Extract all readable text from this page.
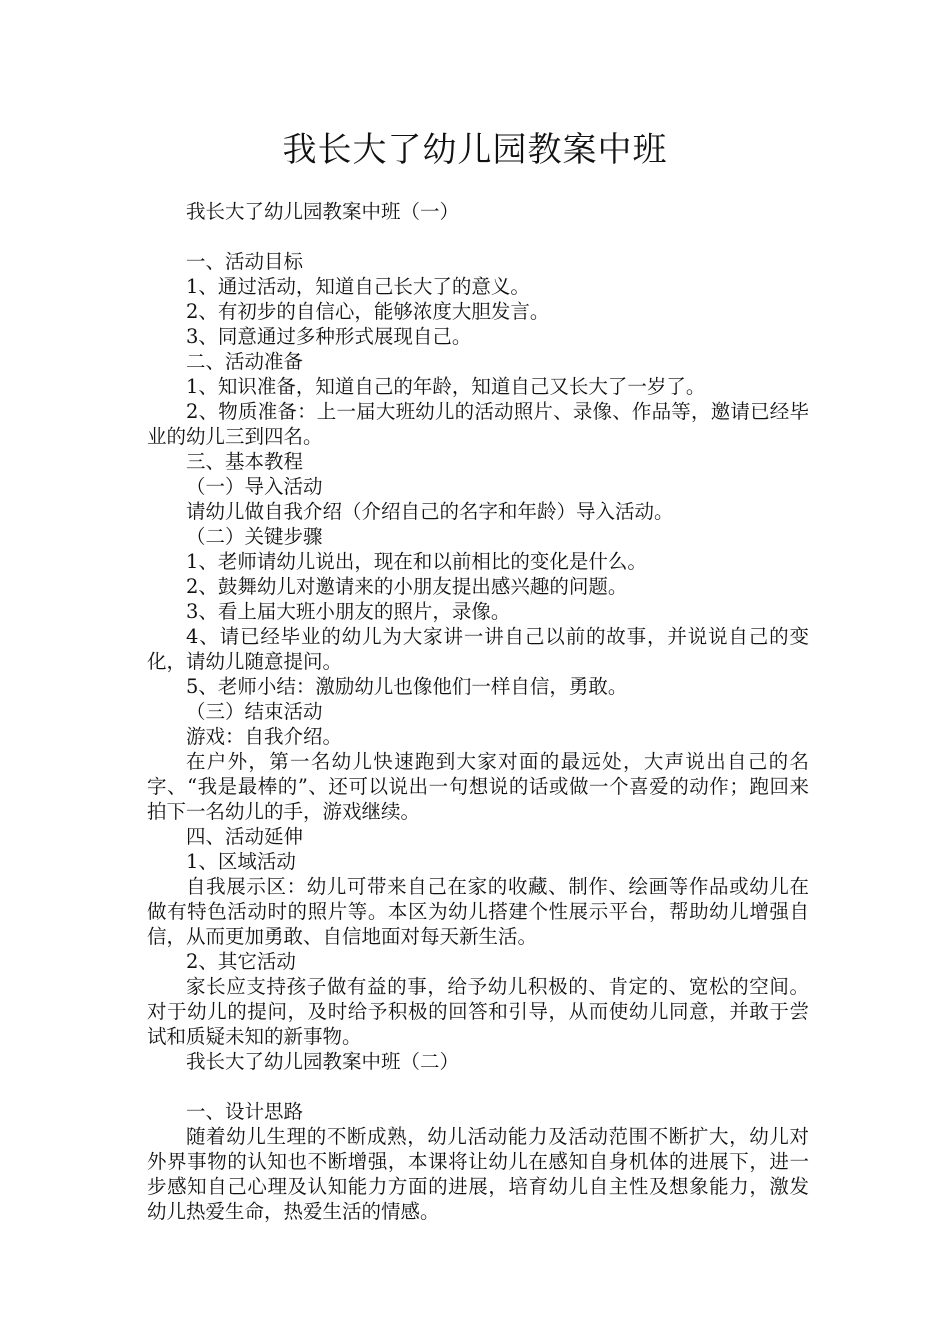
我长大了幼儿园教案中班

我长大了幼儿园教案中班（一）

一、活动目标

1、通过活动，知道自己长大了的意义。

2、有初步的自信心，能够浓度大胆发言。

3、同意通过多种形式展现自己。

二、活动准备

1、知识准备，知道自己的年龄，知道自己又长大了一岁了。

2、物质准备：上一届大班幼儿的活动照片、录像、作品等，邀请已经毕业的幼儿三到四名。

三、基本教程

（一）导入活动

请幼儿做自我介绍（介绍自己的名字和年龄）导入活动。

（二）关键步骤

1、老师请幼儿说出，现在和以前相比的变化是什么。

2、鼓舞幼儿对邀请来的小朋友提出感兴趣的问题。

3、看上届大班小朋友的照片，录像。

4、请已经毕业的幼儿为大家讲一讲自己以前的故事，并说说自己的变化，请幼儿随意提问。

5、老师小结：激励幼儿也像他们一样自信，勇敢。

（三）结束活动

游戏：自我介绍。

在户外，第一名幼儿快速跑到大家对面的最远处，大声说出自己的名字、“我是最棒的”、还可以说出一句想说的话或做一个喜爱的动作；跑回来拍下一名幼儿的手，游戏继续。

四、活动延伸

1、区域活动

自我展示区：幼儿可带来自己在家的收藏、制作、绘画等作品或幼儿在做有特色活动时的照片等。本区为幼儿搭建个性展示平台，帮助幼儿增强自信，从而更加勇敢、自信地面对每天新生活。

2、其它活动

家长应支持孩子做有益的事，给予幼儿积极的、肯定的、宽松的空间。对于幼儿的提问，及时给予积极的回答和引导，从而使幼儿同意，并敢于尝试和质疑未知的新事物。

我长大了幼儿园教案中班（二）

一、设计思路

随着幼儿生理的不断成熟，幼儿活动能力及活动范围不断扩大，幼儿对外界事物的认知也不断增强，本课将让幼儿在感知自身机体的进展下，进一步感知自己心理及认知能力方面的进展，培育幼儿自主性及想象能力，激发幼儿热爱生命，热爱生活的情感。
